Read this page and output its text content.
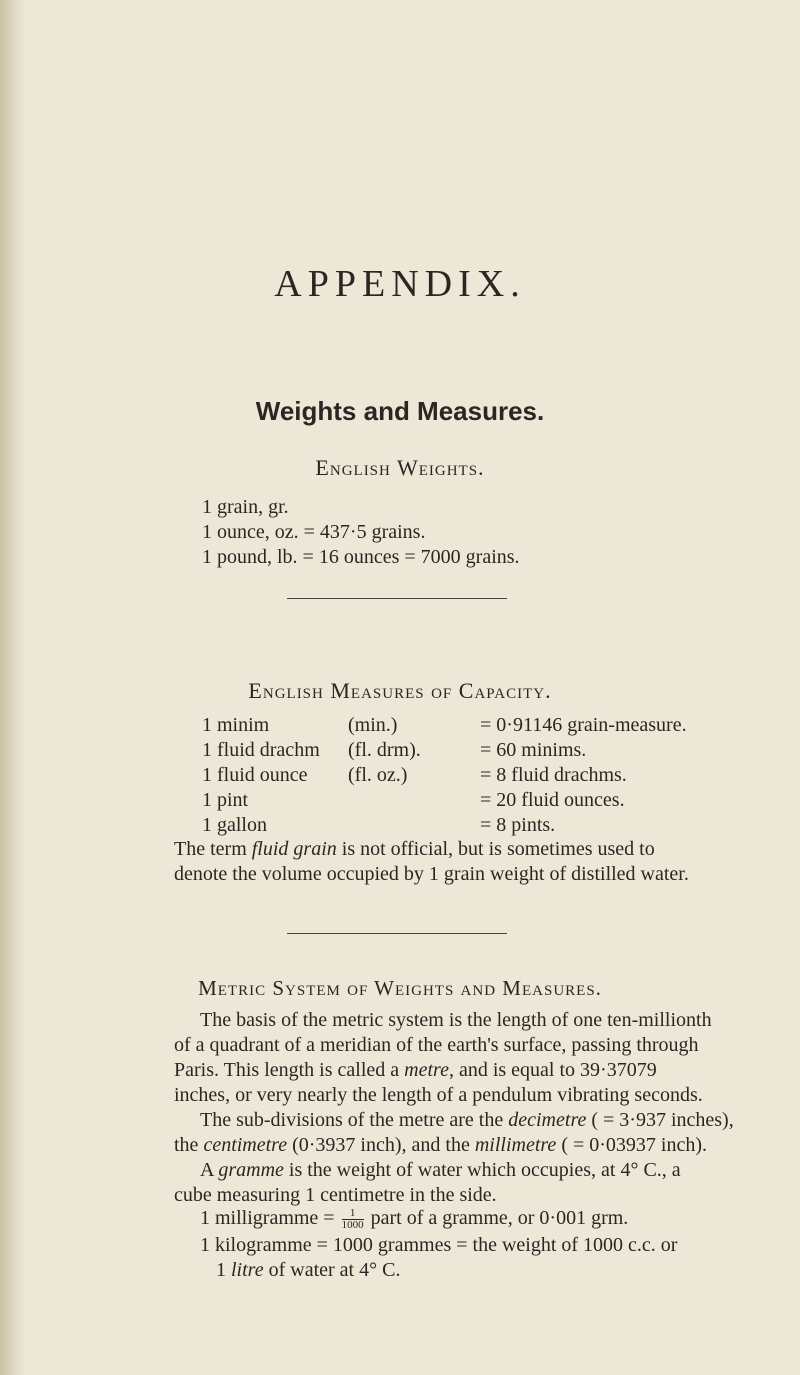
APPENDIX.
Weights and Measures.
English Weights.
1 grain, gr.
1 ounce, oz. = 437·5 grains.
1 pound, lb. = 16 ounces = 7000 grains.
English Measures of Capacity.
1 minim	(min.)	= 0·91146 grain-measure.
1 fluid drachm (fl. drm).	= 60 minims.
1 fluid ounce (fl. oz.)	= 8 fluid drachms.
1 pint	= 20 fluid ounces.
1 gallon	= 8 pints.
The term fluid grain is not official, but is sometimes used to
denote the volume occupied by 1 grain weight of distilled water.
Metric System of Weights and Measures.
The basis of the metric system is the length of one ten-millionth
of a quadrant of a meridian of the earth's surface, passing through
Paris. This length is called a metre, and is equal to 39·37079
inches, or very nearly the length of a pendulum vibrating seconds.
The sub-divisions of the metre are the decimetre ( = 3·937 inches),
the centimetre (0·3937 inch), and the millimetre ( = 0·03937 inch).
A gramme is the weight of water which occupies, at 4° C., a
cube measuring 1 centimetre in the side.
1 milligramme = $\frac{1}{1000}$ part of a gramme, or 0·001 grm.
1 kilogramme = 1000 grammes = the weight of 1000 c.c. or
1 litre of water at 4° C.
